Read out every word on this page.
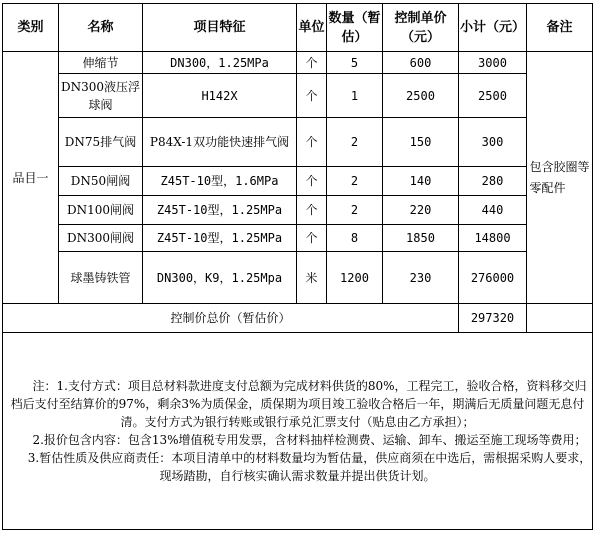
类别	名称	项目特征	单位	数量（暂估）	控制单价（元）	小计（元）	备注
品目一	伸缩节	DN300，1.25MPa	个	5	600	3000	包含胶圈等零配件
	DN300液压浮球阀	H142X	个	1	2500	2500	
	DN75排气阀	P84X-1双功能快速排气阀	个	2	150	300	
	DN50闸阀	Z45T-10型，1.6MPa	个	2	140	280	
	DN100闸阀	Z45T-10型，1.25MPa	个	2	220	440	
	DN300闸阀	Z45T-10型，1.25MPa	个	8	1850	14800	
	球墨铸铁管	DN300，K9，1.25Mpa	米	1200	230	276000	
控制价总价（暂估价）						297320	

注：1.支付方式：项目总材料款进度支付总额为完成材料供货的80%，工程完工，验收合格，资料移交归档后支付至结算价的97%，剩余3%为质保金，质保期为项目竣工验收合格后一年，期满后无质量问题无息付清。支付方式为银行转账或银行承兑汇票支付（贴息由乙方承担）；

2.报价包含内容：包含13%增值税专用发票，含材料抽样检测费、运输、卸车、搬运至施工现场等费用；

3.暂估性质及供应商责任：本项目清单中的材料数量均为暂估量，供应商须在中选后，需根据采购人要求，现场踏勘，自行核实确认需求数量并提出供货计划。							
